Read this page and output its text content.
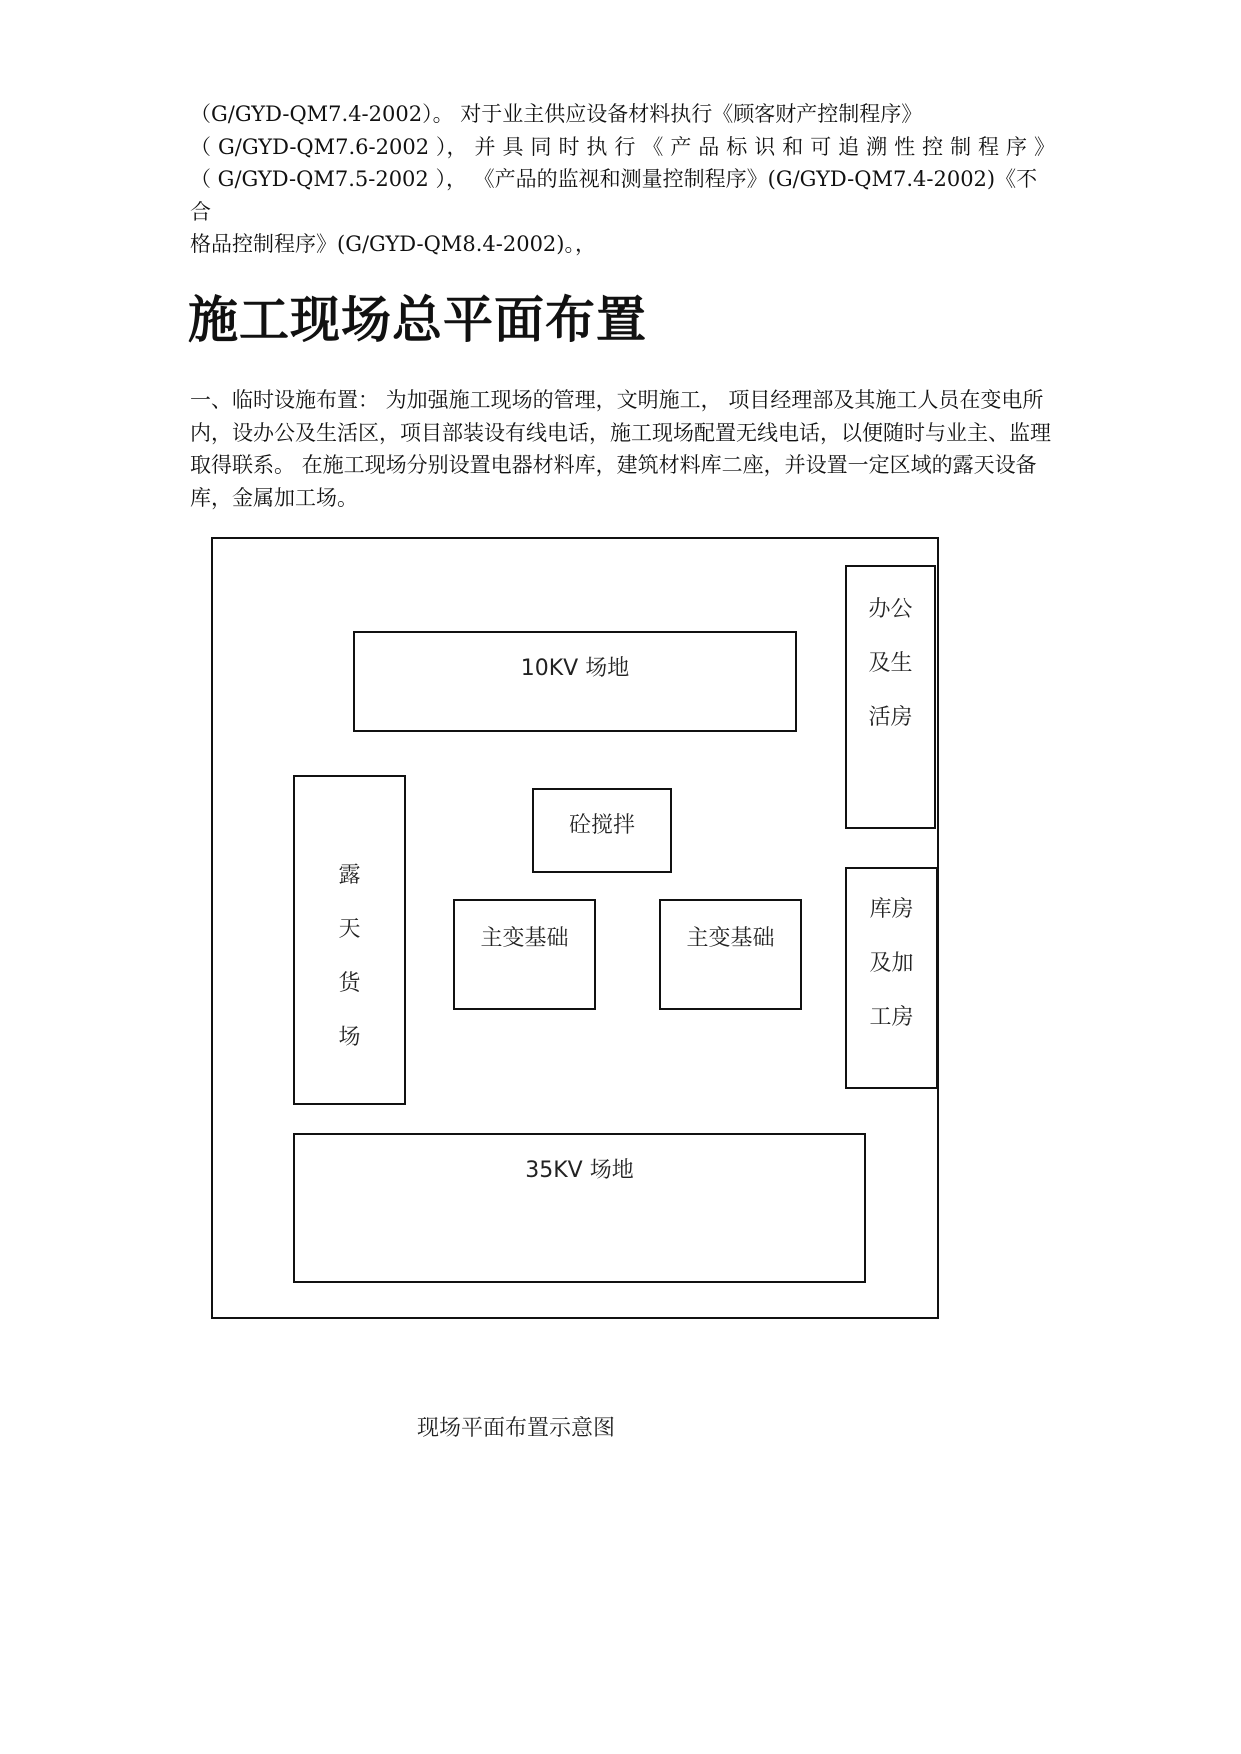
（G/GYD-QM7.4-2002）。 对于业主供应设备材料执行《顾客财产控制程序》

（ G/GYD-QM7.6-2002 ）， 并 具 同 时 执 行 《 产 品 标 识 和 可 追 溯 性 控 制 程 序 》

（ G/GYD-QM7.5-2002 ）， 《产品的监视和测量控制程序》(G/GYD-QM7.4-2002)《不合

格品控制程序》(G/GYD-QM8.4-2002)。，

施工现场总平面布置

一、临时设施布置： 为加强施工现场的管理，文明施工， 项目经理部及其施工人员在变电所内，设办公及生活区，项目部装设有线电话，施工现场配置无线电话，以便随时与业主、监理取得联系。 在施工现场分别设置电器材料库，建筑材料库二座，并设置一定区域的露天设备库，金属加工场。

10KV 场地
办公
及生
活房
露
天
货
场
砼搅拌
主变基础	主变基础
库房
及加
工房
35KV 场地
现场平面布置示意图
